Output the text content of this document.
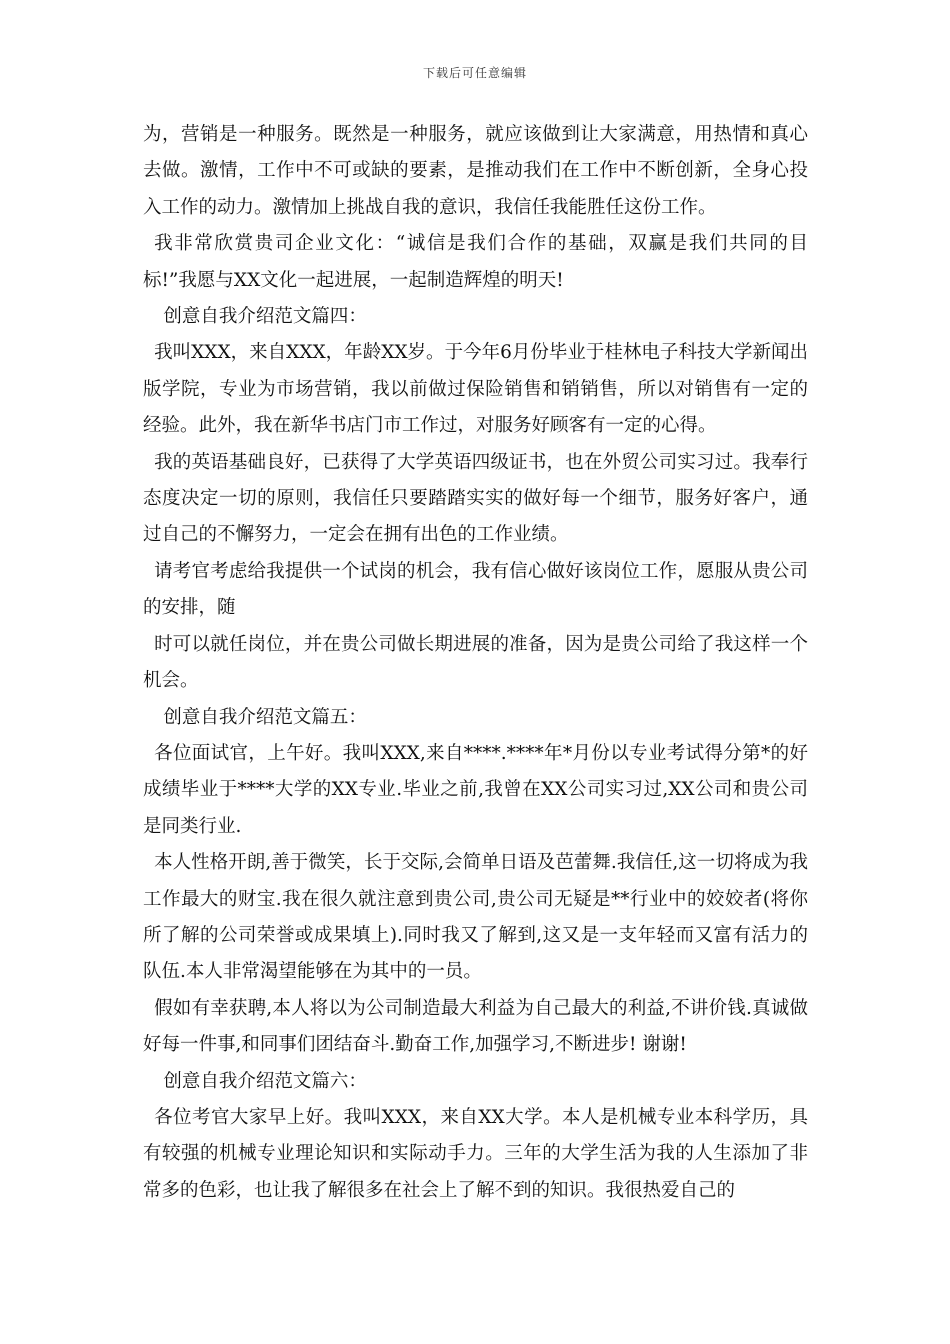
下载后可任意编辑

为，营销是一种服务。既然是一种服务，就应该做到让大家满意，用热情和真心去做。激情，工作中不可或缺的要素，是推动我们在工作中不断创新，全身心投入工作的动力。激情加上挑战自我的意识，我信任我能胜任这份工作。

我非常欣赏贵司企业文化：“诚信是我们合作的基础，双赢是我们共同的目标!”我愿与XX文化一起进展，一起制造辉煌的明天!

创意自我介绍范文篇四：

我叫XXX，来自XXX，年龄XX岁。于今年6月份毕业于桂林电子科技大学新闻出版学院，专业为市场营销，我以前做过保险销售和销销售，所以对销售有一定的经验。此外，我在新华书店门市工作过，对服务好顾客有一定的心得。

我的英语基础良好，已获得了大学英语四级证书，也在外贸公司实习过。我奉行态度决定一切的原则，我信任只要踏踏实实的做好每一个细节，服务好客户，通过自己的不懈努力，一定会在拥有出色的工作业绩。

请考官考虑给我提供一个试岗的机会，我有信心做好该岗位工作，愿服从贵公司的安排，随

时可以就任岗位，并在贵公司做长期进展的准备，因为是贵公司给了我这样一个机会。

创意自我介绍范文篇五：

各位面试官，上午好。我叫XXX,来自****.****年*月份以专业考试得分第*的好成绩毕业于****大学的XX专业.毕业之前,我曾在XX公司实习过,XX公司和贵公司是同类行业.

本人性格开朗,善于微笑，长于交际,会简单日语及芭蕾舞.我信任,这一切将成为我工作最大的财宝.我在很久就注意到贵公司,贵公司无疑是**行业中的姣姣者(将你所了解的公司荣誉或成果填上).同时我又了解到,这又是一支年轻而又富有活力的队伍.本人非常渴望能够在为其中的一员。

假如有幸获聘,本人将以为公司制造最大利益为自己最大的利益,不讲价钱.真诚做好每一件事,和同事们团结奋斗.勤奋工作,加强学习,不断进步! 谢谢!

创意自我介绍范文篇六：

各位考官大家早上好。我叫XXX，来自XX大学。本人是机械专业本科学历，具有较强的机械专业理论知识和实际动手力。三年的大学生活为我的人生添加了非常多的色彩，也让我了解很多在社会上了解不到的知识。我很热爱自己的
